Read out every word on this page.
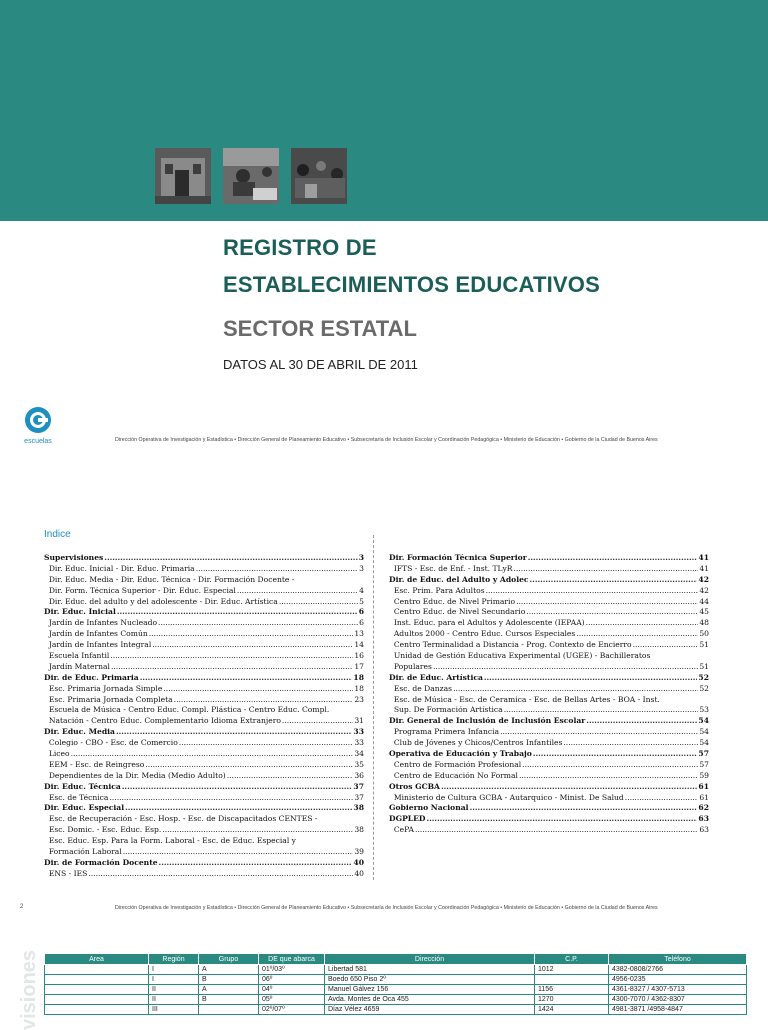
REGISTRO DE
ESTABLECIMIENTOS EDUCATIVOS
SECTOR ESTATAL
DATOS AL 30 DE ABRIL DE 2011
escuelas	Dirección Operativa de Investigación y Estadística • Dirección General de Planeamiento Educativo • Subsecretaría de Inclusión Escolar y Coordinación Pedagógica • Ministerio de Educación • Gobierno de la Ciudad de Buenos Aires
Indice
Supervisiones .....	3
Dir. Educ. Inicial - Dir. Educ. Primaria .....	3
Dir. Educ. Media - Dir. Educ. Técnica - Dir. Formación Docente -
Dir. Form. Técnica Superior - Dir. Educ. Especial .....	4
Dir. Educ. del adulto y del adolescente - Dir. Educ. Artística .....	5
Dir. Educ. Inicial .....	6
Jardín de Infantes Nucleado .....	6
Jardín de Infantes Común .....	13
Jardín de Infantes Integral .....	14
Escuela Infantil .....	16
Jardín Maternal .....	17
Dir. de Educ. Primaria .....	18
Esc. Primaria Jornada Simple .....	18
Esc. Primaria Jornada Completa .....	23
Escuela de Música - Centro Educ. Compl. Plástica - Centro Educ. Compl.
Natación - Centro Educ. Complementario Idioma Extranjero .....	31
Dir. Educ. Media .....	33
Colegio - CBO - Esc. de Comercio .....	33
Liceo .....	34
EEM - Esc. de Reingreso .....	35
Dependientes de la Dir. Media (Medio Adulto) .....	36
Dir. Educ. Técnica .....	37
Esc. de Técnica .....	37
Dir. Educ. Especial .....	38
Esc. de Recuperación - Esc. Hosp. - Esc. de Discapacitados CENTES -
Esc. Domic. - Esc. Educ. Esp. .....	38
Esc. Educ. Esp. Para la Form. Laboral - Esc. de Educ. Especial y
Formación Laboral .....	39
Dir. de Formación Docente .....	40
ENS - IES .....	40
Dir. Formación Técnica Superior .....	41
IFTS - Esc. de Enf. - Inst. TLyR .....	41
Dir. de Educ. del Adulto y Adolec .....	42
Esc. Prim. Para Adultos .....	42
Centro Educ. de Nivel Primario .....	44
Centro Educ. de Nivel Secundario .....	45
Inst. Educ. para el Adultos y Adolescente (IEPAA) .....	48
Adultos 2000 - Centro Educ. Cursos Especiales .....	50
Centro Terminalidad a Distancia - Prog. Contexto de Encierro .....	51
Unidad de Gestión Educativa Experimental (UGEE) - Bachilleratos
Populares .....	51
Dir. de Educ. Artística .....	52
Esc. de Danzas .....	52
Esc. de Música - Esc. de Ceramica - Esc. de Bellas Artes - BOA - Inst.
Sup. De Formación Artística .....	53
Dir. General de Inclusión de Inclusión Escolar .....	54
Programa Primera Infancia .....	54
Club de Jóvenes y Chicos/Centros Infantiles .....	54
Operativa de Educación y Trabajo .....	57
Centro de Formación Profesional .....	57
Centro de Educación No Formal .....	59
Otros GCBA .....	61
Ministerio de Cultura GCBA - Autarquico - Minist. De Salud .....	61
Gobierno Nacional .....	62
DGPLED .....	63
CePA .....	63
2	Dirección Operativa de Investigación y Estadística • Dirección General de Planeamiento Educativo • Subsecretaría de Inclusión Escolar y Coordinación Pedagógica • Ministerio de Educación • Gobierno de la Ciudad de Buenos Aires
visiones	Area	Región	Grupo	DE que abarca	Dirección	C.P.	Teléfono
	I	A	01º/03º	Libertad 581	1012	4382-0808/2766
	I	B	06º	Boedo 650 Piso 2º		4956-0235
	II	A	04º	Manuel Gálvez 156	1156	4361-8327 / 4307-5713
	II	B	05º	Avda. Montes de Oca 455	1270	4300-7070 / 4362-8307
	III		02º/07º	Díaz Vélez 4659	1424	4981-3871 /4958-4847
